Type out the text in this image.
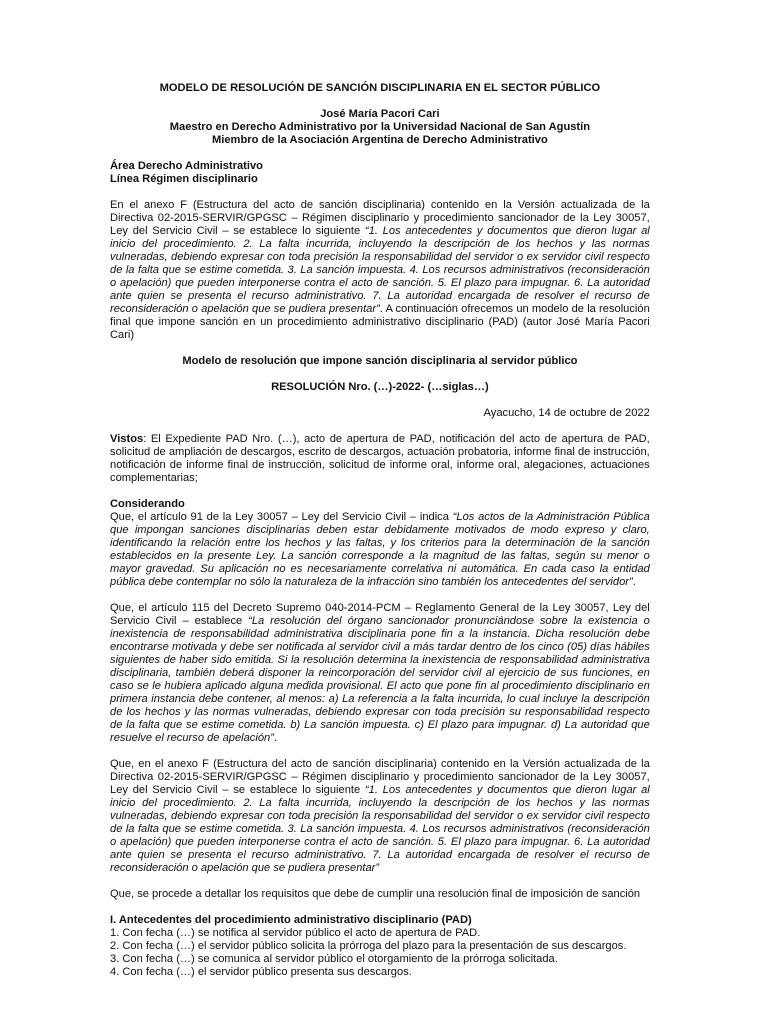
MODELO DE RESOLUCIÓN DE SANCIÓN DISCIPLINARIA EN EL SECTOR PÚBLICO
José María Pacori Cari
Maestro en Derecho Administrativo por la Universidad Nacional de San Agustín
Miembro de la Asociación Argentina de Derecho Administrativo
Área Derecho Administrativo
Línea Régimen disciplinario

En el anexo F (Estructura del acto de sanción disciplinaria) contenido en la Versión actualizada de la Directiva 02-2015-SERVIR/GPGSC – Régimen disciplinario y procedimiento sancionador de la Ley 30057, Ley del Servicio Civil – se establece lo siguiente “1. Los antecedentes y documentos que dieron lugar al inicio del procedimiento. 2. La falta incurrida, incluyendo la descripción de los hechos y las normas vulneradas, debiendo expresar con toda precisión la responsabilidad del servidor o ex servidor civil respecto de la falta que se estime cometida. 3. La sanción impuesta. 4. Los recursos administrativos (reconsideración o apelación) que pueden interponerse contra el acto de sanción. 5. El plazo para impugnar. 6. La autoridad ante quien se presenta el recurso administrativo. 7. La autoridad encargada de resolver el recurso de reconsideración o apelación que se pudiera presentar”. A continuación ofrecemos un modelo de la resolución final que impone sanción en un procedimiento administrativo disciplinario (PAD) (autor José María Pacori Cari)

Modelo de resolución que impone sanción disciplinaria al servidor público
RESOLUCIÓN Nro. (…)-2022- (…siglas…)
Ayacucho, 14 de octubre de 2022

Vistos: El Expediente PAD Nro. (…), acto de apertura de PAD, notificación del acto de apertura de PAD, solicitud de ampliación de descargos, escrito de descargos, actuación probatoria, informe final de instrucción, notificación de informe final de instrucción, solicitud de informe oral, informe oral, alegaciones, actuaciones complementarias;

Considerando

Que, el artículo 91 de la Ley 30057 – Ley del Servicio Civil – indica “Los actos de la Administración Pública que impongan sanciones disciplinarias deben estar debidamente motivados de modo expreso y claro, identificando la relación entre los hechos y las faltas, y los criterios para la determinación de la sanción establecidos en la presente Ley. La sanción corresponde a la magnitud de las faltas, según su menor o mayor gravedad. Su aplicación no es necesariamente correlativa ni automática. En cada caso la entidad pública debe contemplar no sólo la naturaleza de la infracción sino también los antecedentes del servidor”.

Que, el artículo 115 del Decreto Supremo 040-2014-PCM – Reglamento General de la Ley 30057, Ley del Servicio Civil – establece “La resolución del órgano sancionador pronunciándose sobre la existencia o inexistencia de responsabilidad administrativa disciplinaria pone fin a la instancia. Dicha resolución debe encontrarse motivada y debe ser notificada al servidor civil a más tardar dentro de los cinco (05) días hábiles siguientes de haber sido emitida. Si la resolución determina la inexistencia de responsabilidad administrativa disciplinaria, también deberá disponer la reincorporación del servidor civil al ejercicio de sus funciones, en caso se le hubiera aplicado alguna medida provisional. El acto que pone fin al procedimiento disciplinario en primera instancia debe contener, al menos: a) La referencia a la falta incurrida, lo cual incluye la descripción de los hechos y las normas vulneradas, debiendo expresar con toda precisión su responsabilidad respecto de la falta que se estime cometida. b) La sanción impuesta. c) El plazo para impugnar. d) La autoridad que resuelve el recurso de apelación”.

Que, en el anexo F (Estructura del acto de sanción disciplinaria) contenido en la Versión actualizada de la Directiva 02-2015-SERVIR/GPGSC – Régimen disciplinario y procedimiento sancionador de la Ley 30057, Ley del Servicio Civil – se establece lo siguiente “1. Los antecedentes y documentos que dieron lugar al inicio del procedimiento. 2. La falta incurrida, incluyendo la descripción de los hechos y las normas vulneradas, debiendo expresar con toda precisión la responsabilidad del servidor o ex servidor civil respecto de la falta que se estime cometida. 3. La sanción impuesta. 4. Los recursos administrativos (reconsideración o apelación) que pueden interponerse contra el acto de sanción. 5. El plazo para impugnar. 6. La autoridad ante quien se presenta el recurso administrativo. 7. La autoridad encargada de resolver el recurso de reconsideración o apelación que se pudiera presentar”

Que, se procede a detallar los requisitos que debe de cumplir una resolución final de imposición de sanción

I. Antecedentes del procedimiento administrativo disciplinario (PAD)
1. Con fecha (…) se notifica al servidor público el acto de apertura de PAD.
2. Con fecha (…) el servidor público solicita la prórroga del plazo para la presentación de sus descargos.
3. Con fecha (…) se comunica al servidor público el otorgamiento de la prórroga solicitada.
4. Con fecha (…) el servidor público presenta sus descargos.
